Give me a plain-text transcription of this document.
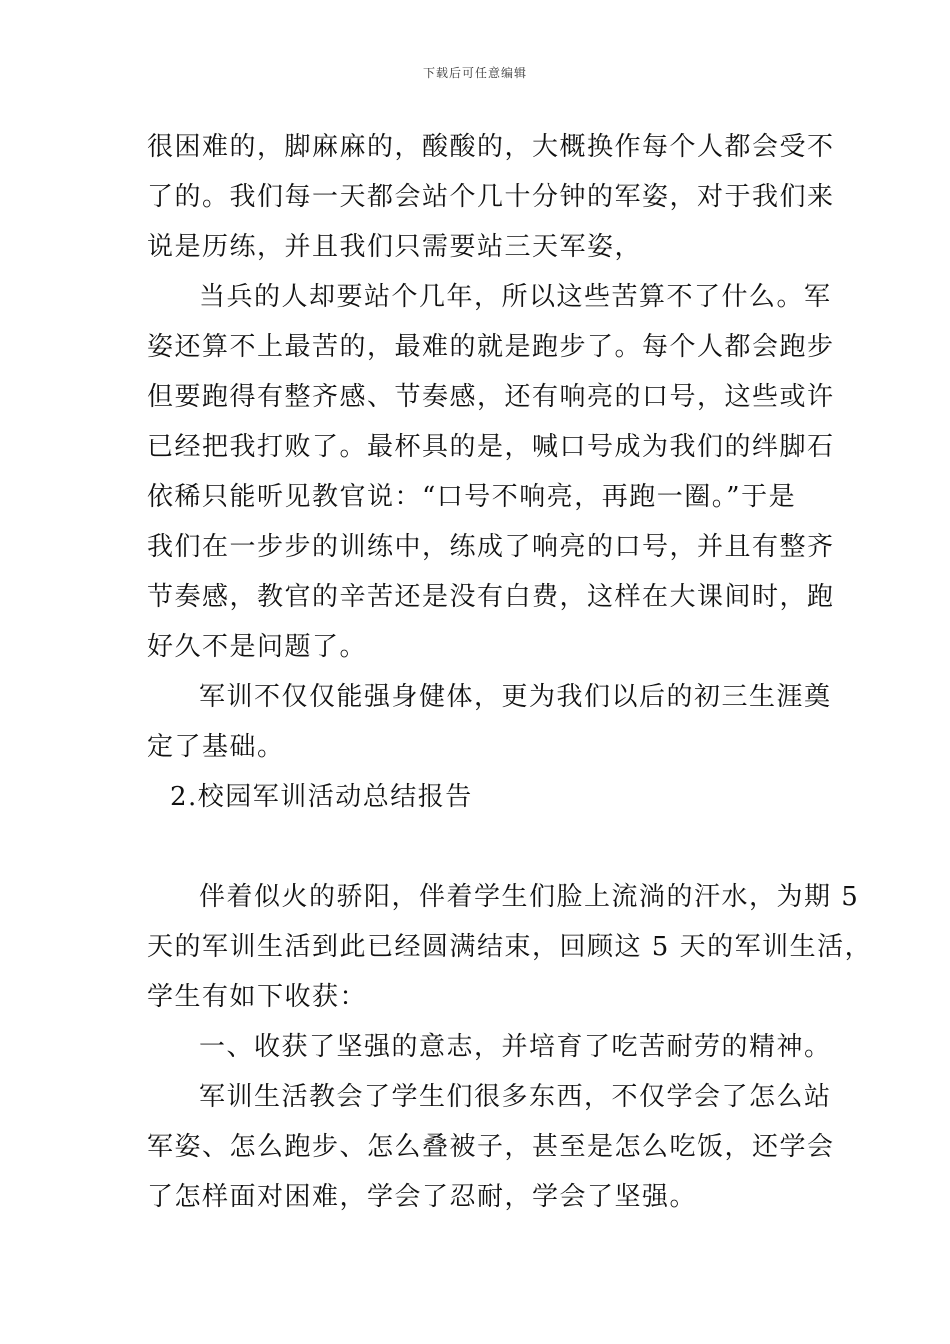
下载后可任意编辑
很困难的，脚麻麻的，酸酸的，大概换作每个人都会受不
了的。我们每一天都会站个几十分钟的军姿，对于我们来
说是历练，并且我们只需要站三天军姿，
当兵的人却要站个几年，所以这些苦算不了什么。军
姿还算不上最苦的，最难的就是跑步了。每个人都会跑步
但要跑得有整齐感、节奏感，还有响亮的口号，这些或许
已经把我打败了。最杯具的是，喊口号成为我们的绊脚石
依稀只能听见教官说：“口号不响亮，再跑一圈。”于是
我们在一步步的训练中，练成了响亮的口号，并且有整齐
节奏感，教官的辛苦还是没有白费，这样在大课间时，跑
好久不是问题了。
军训不仅仅能强身健体，更为我们以后的初三生涯奠
定了基础。
2.校园军训活动总结报告
伴着似火的骄阳，伴着学生们脸上流淌的汗水，为期 5
天的军训生活到此已经圆满结束，回顾这 5 天的军训生活，
学生有如下收获：
一、收获了坚强的意志，并培育了吃苦耐劳的精神。
军训生活教会了学生们很多东西，不仅学会了怎么站
军姿、怎么跑步、怎么叠被子，甚至是怎么吃饭，还学会
了怎样面对困难，学会了忍耐，学会了坚强。
